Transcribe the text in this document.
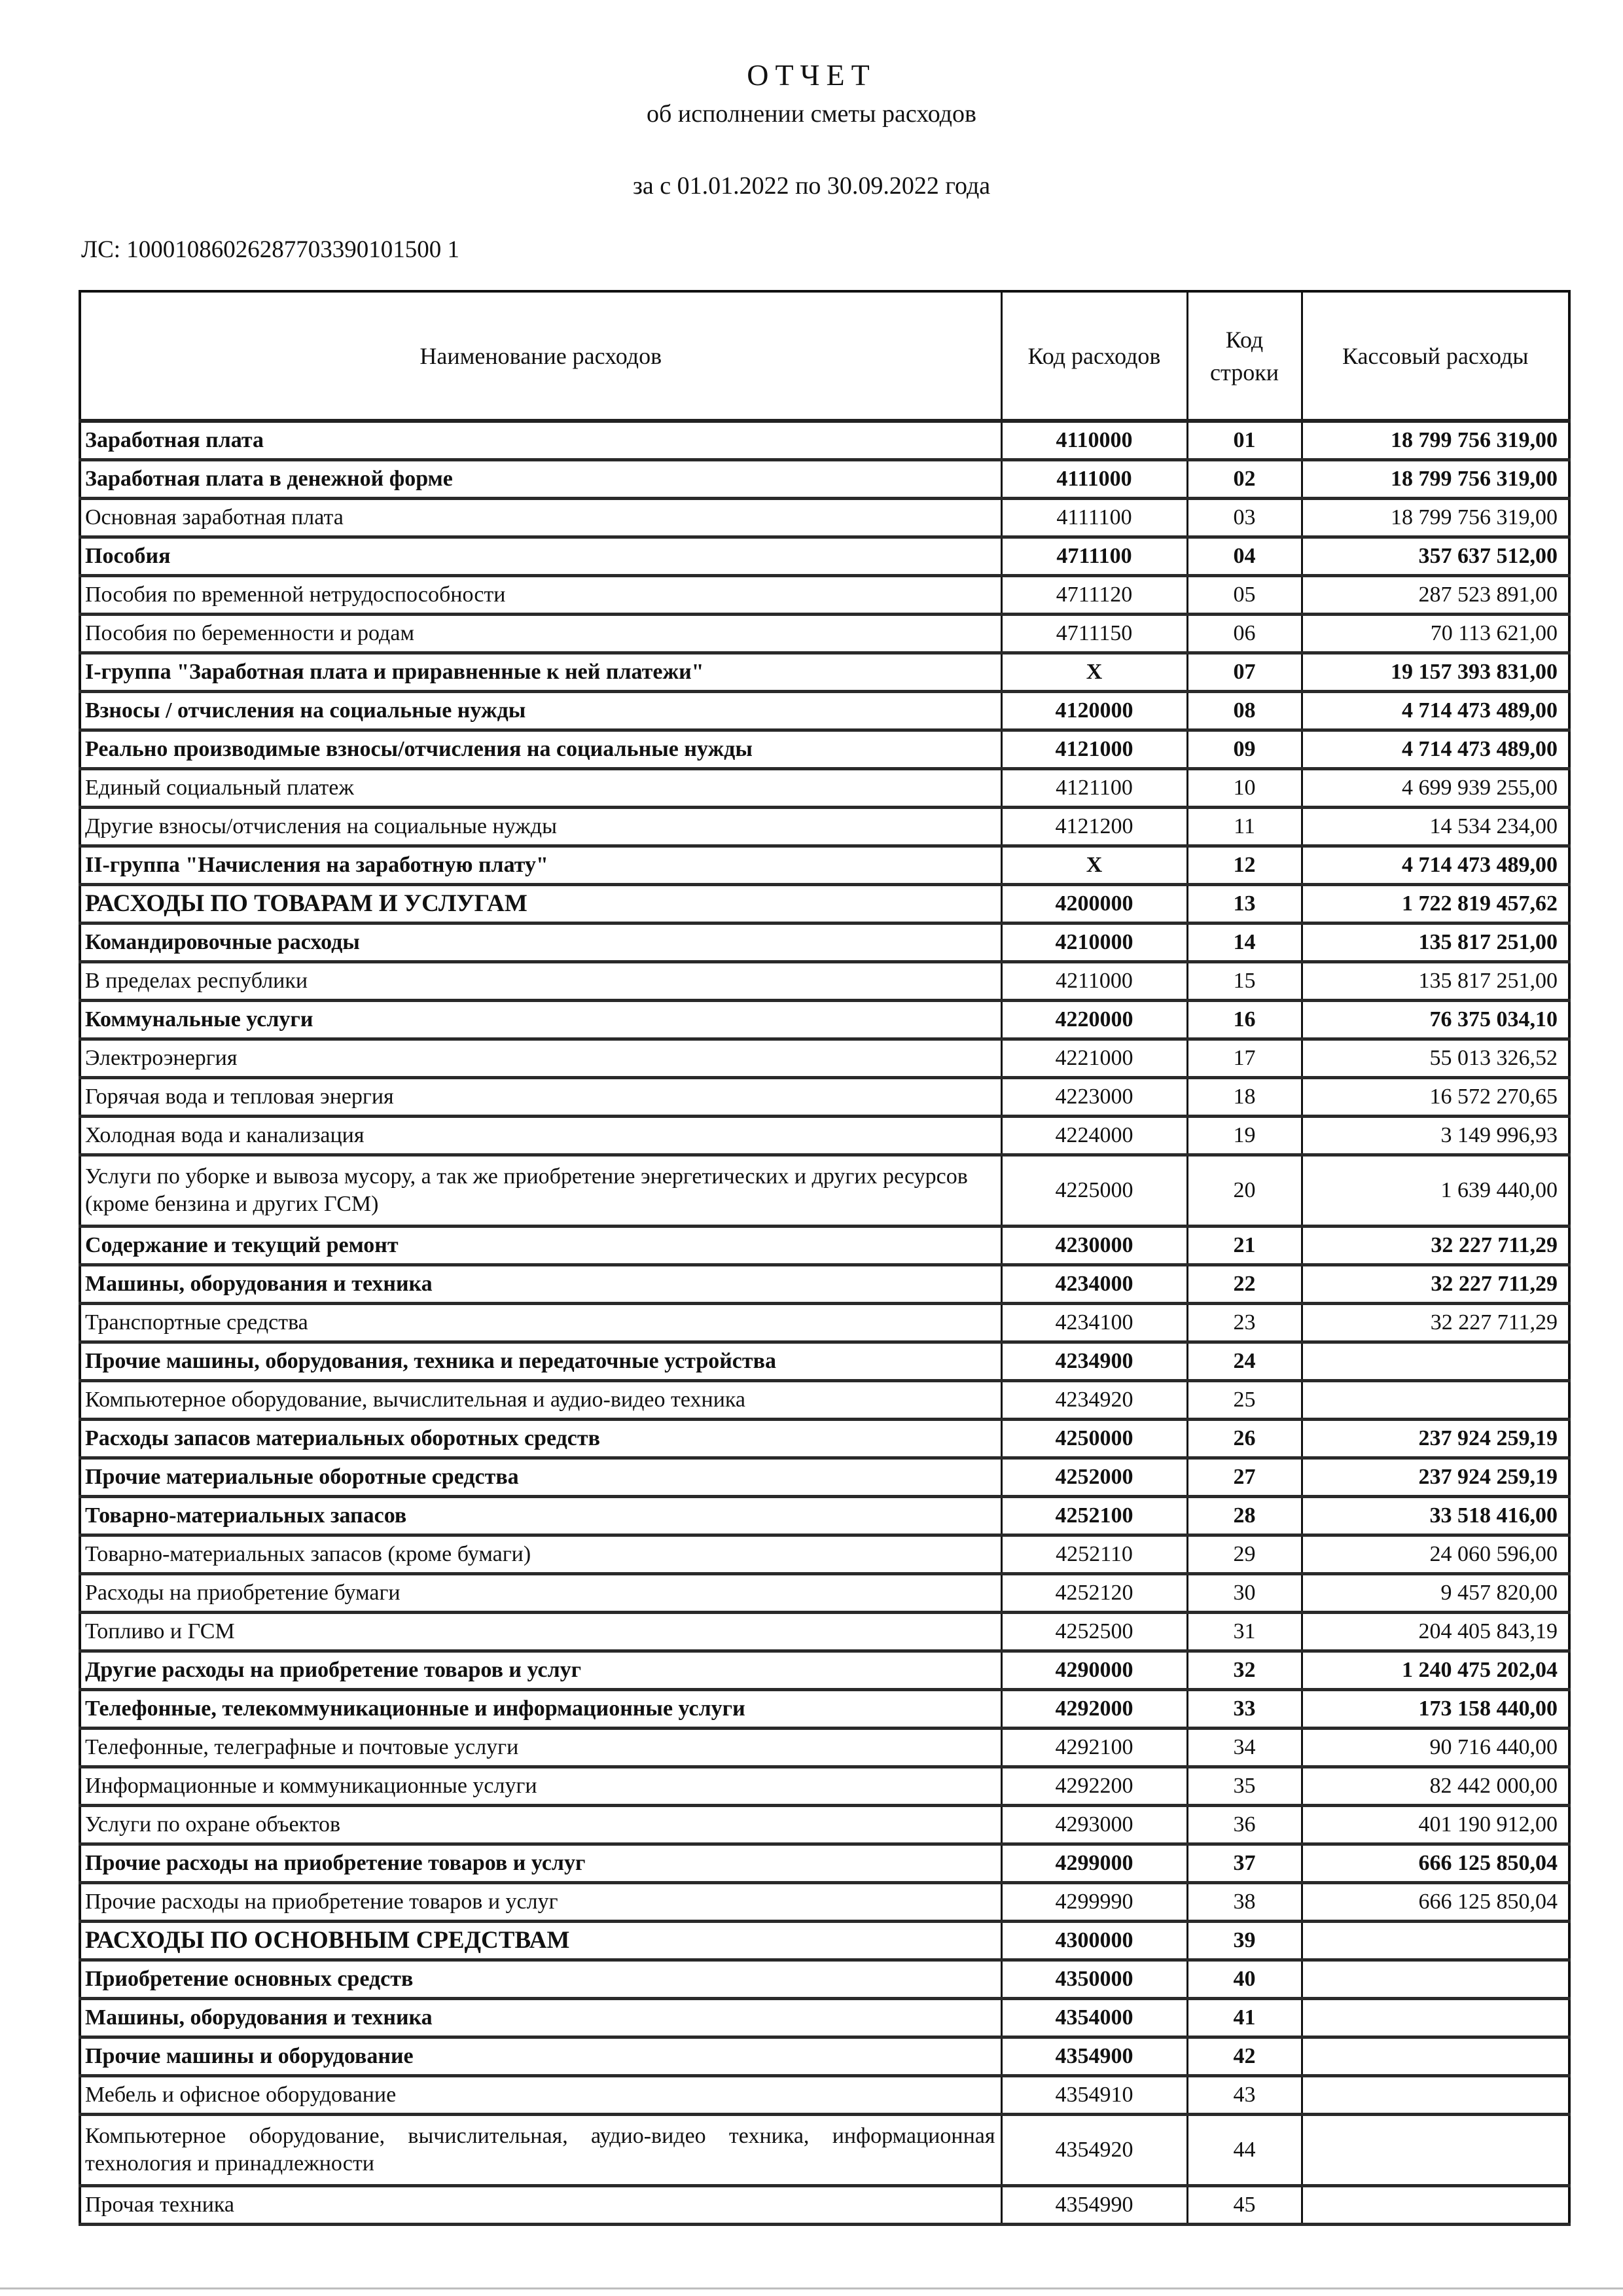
ОТЧЕТ
об исполнении сметы расходов
за с 01.01.2022 по 30.09.2022 года
ЛС: 10001086026287703390101500 1
Наименование расходов	Код расходов	Код строки	Кассовый расходы
Заработная плата	4110000	01	18 799 756 319,00
Заработная плата в денежной форме	4111000	02	18 799 756 319,00
Основная заработная плата	4111100	03	18 799 756 319,00
Пособия	4711100	04	357 637 512,00
Пособия по временной нетрудоспособности	4711120	05	287 523 891,00
Пособия по беременности и родам	4711150	06	70 113 621,00
I-группа "Заработная плата и приравненные к ней платежи"	X	07	19 157 393 831,00
Взносы / отчисления на социальные нужды	4120000	08	4 714 473 489,00
Реально производимые взносы/отчисления на социальные нужды	4121000	09	4 714 473 489,00
Единый социальный платеж	4121100	10	4 699 939 255,00
Другие взносы/отчисления на социальные нужды	4121200	11	14 534 234,00
II-группа "Начисления на заработную плату"	X	12	4 714 473 489,00
РАСХОДЫ ПО ТОВАРАМ И УСЛУГАМ	4200000	13	1 722 819 457,62
Командировочные расходы	4210000	14	135 817 251,00
В пределах республики	4211000	15	135 817 251,00
Коммунальные услуги	4220000	16	76 375 034,10
Электроэнергия	4221000	17	55 013 326,52
Горячая вода и тепловая энергия	4223000	18	16 572 270,65
Холодная вода и канализация	4224000	19	3 149 996,93
Услуги по уборке и вывоза мусору, а так же приобретение энергетических и других ресурсов (кроме бензина и других ГСМ)	4225000	20	1 639 440,00
Содержание и текущий ремонт	4230000	21	32 227 711,29
Машины, оборудования и техника	4234000	22	32 227 711,29
Транспортные средства	4234100	23	32 227 711,29
Прочие машины, оборудования, техника и передаточные устройства	4234900	24	
Компьютерное оборудование, вычислительная и аудио-видео техника	4234920	25	
Расходы запасов материальных оборотных средств	4250000	26	237 924 259,19
Прочие материальные оборотные средства	4252000	27	237 924 259,19
Товарно-материальных запасов	4252100	28	33 518 416,00
Товарно-материальных запасов (кроме бумаги)	4252110	29	24 060 596,00
Расходы на приобретение бумаги	4252120	30	9 457 820,00
Топливо и ГСМ	4252500	31	204 405 843,19
Другие расходы на приобретение товаров и услуг	4290000	32	1 240 475 202,04
Телефонные, телекоммуникационные и информационные услуги	4292000	33	173 158 440,00
Телефонные, телеграфные и почтовые услуги	4292100	34	90 716 440,00
Информационные и коммуникационные услуги	4292200	35	82 442 000,00
Услуги по охране объектов	4293000	36	401 190 912,00
Прочие расходы на приобретение товаров и услуг	4299000	37	666 125 850,04
Прочие расходы на приобретение товаров и услуг	4299990	38	666 125 850,04
РАСХОДЫ ПО ОСНОВНЫМ СРЕДСТВАМ	4300000	39	
Приобретение основных средств	4350000	40	
Машины, оборудования и техника	4354000	41	
Прочие машины и оборудование	4354900	42	
Мебель и офисное оборудование	4354910	43	
Компьютерное оборудование, вычислительная, аудио-видео техника, информационная технология и принадлежности	4354920	44	
Прочая техника	4354990	45	
